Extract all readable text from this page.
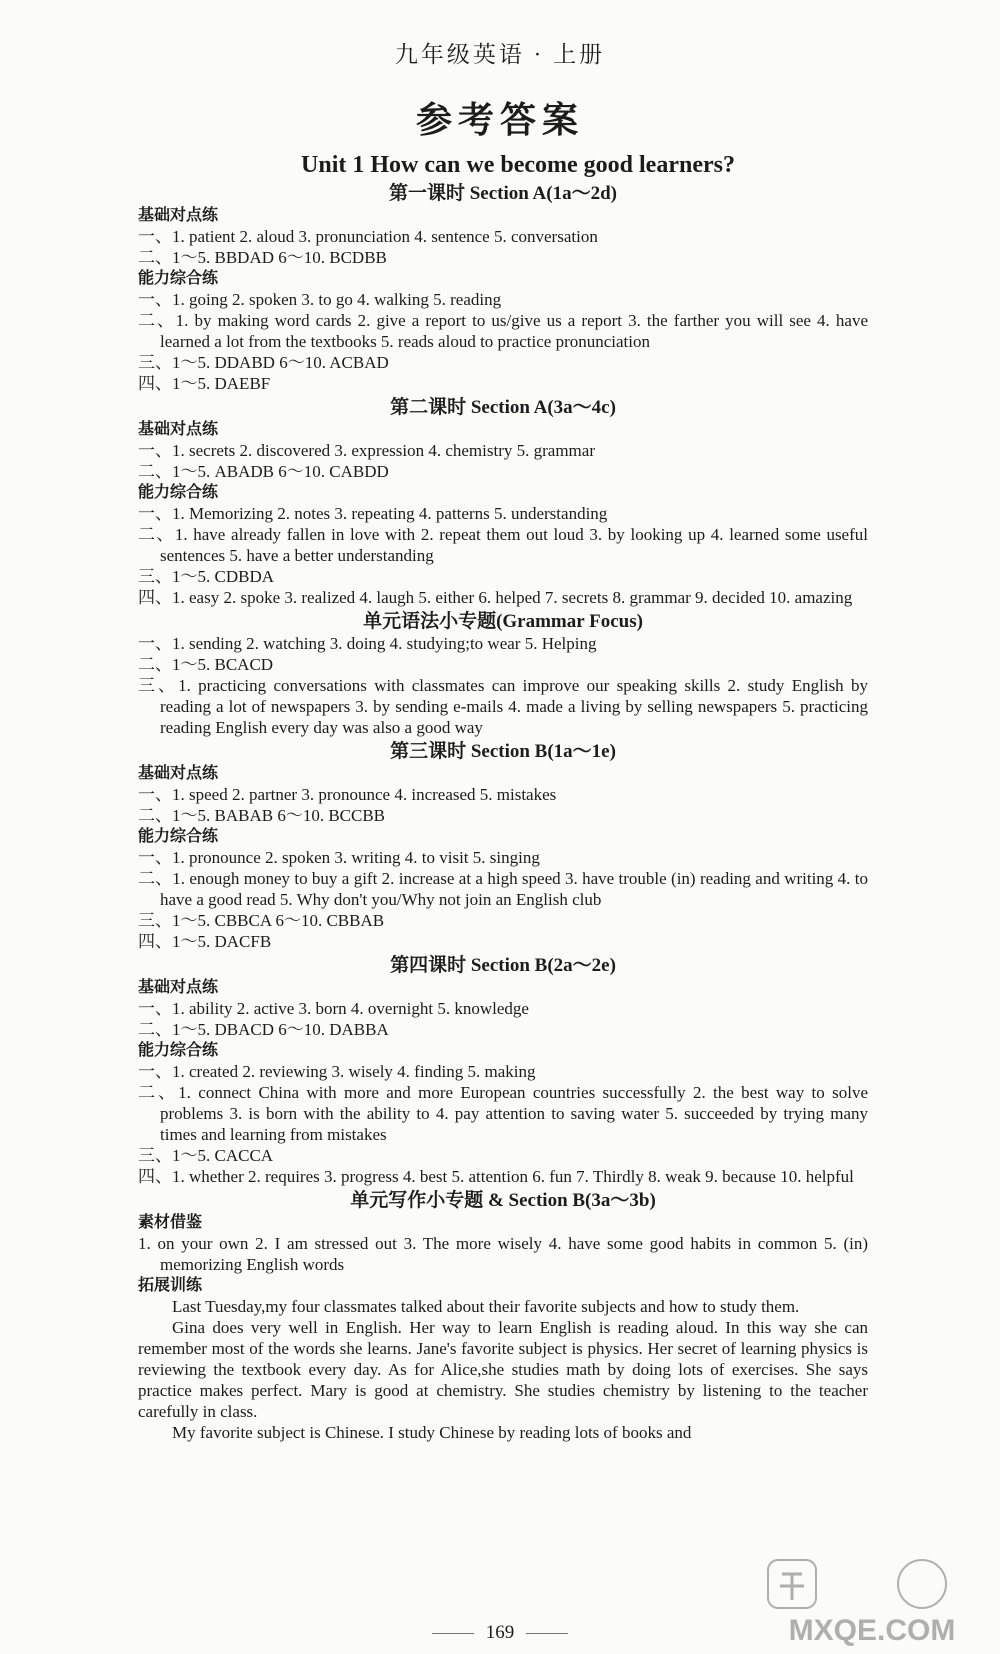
九年级英语 · 上册
参考答案
Unit 1 How can we become good learners?
第一课时 Section A(1a～2d)
基础对点练
一、1. patient 2. aloud 3. pronunciation 4. sentence 5. conversation
二、1～5. BBDAD 6～10. BCDBB
能力综合练
一、1. going 2. spoken 3. to go 4. walking 5. reading
二、1. by making word cards 2. give a report to us/give us a report 3. the farther you will see 4. have learned a lot from the textbooks 5. reads aloud to practice pronunciation
三、1～5. DDABD 6～10. ACBAD
四、1～5. DAEBF
第二课时 Section A(3a～4c)
基础对点练
一、1. secrets 2. discovered 3. expression 4. chemistry 5. grammar
二、1～5. ABADB 6～10. CABDD
能力综合练
一、1. Memorizing 2. notes 3. repeating 4. patterns 5. understanding
二、1. have already fallen in love with 2. repeat them out loud 3. by looking up 4. learned some useful sentences 5. have a better understanding
三、1～5. CDBDA
四、1. easy 2. spoke 3. realized 4. laugh 5. either 6. helped 7. secrets 8. grammar 9. decided 10. amazing
单元语法小专题(Grammar Focus)
一、1. sending 2. watching 3. doing 4. studying;to wear 5. Helping
二、1～5. BCACD
三、1. practicing conversations with classmates can improve our speaking skills 2. study English by reading a lot of newspapers 3. by sending e-mails 4. made a living by selling newspapers 5. practicing reading English every day was also a good way
第三课时 Section B(1a～1e)
基础对点练
一、1. speed 2. partner 3. pronounce 4. increased 5. mistakes
二、1～5. BABAB 6～10. BCCBB
能力综合练
一、1. pronounce 2. spoken 3. writing 4. to visit 5. singing
二、1. enough money to buy a gift 2. increase at a high speed 3. have trouble (in) reading and writing 4. to have a good read 5. Why don't you/Why not join an English club
三、1～5. CBBCA 6～10. CBBAB
四、1～5. DACFB
第四课时 Section B(2a～2e)
基础对点练
一、1. ability 2. active 3. born 4. overnight 5. knowledge
二、1～5. DBACD 6～10. DABBA
能力综合练
一、1. created 2. reviewing 3. wisely 4. finding 5. making
二、1. connect China with more and more European countries successfully 2. the best way to solve problems 3. is born with the ability to 4. pay attention to saving water 5. succeeded by trying many times and learning from mistakes
三、1～5. CACCA
四、1. whether 2. requires 3. progress 4. best 5. attention 6. fun 7. Thirdly 8. weak 9. because 10. helpful
单元写作小专题 & Section B(3a～3b)
素材借鉴
1. on your own 2. I am stressed out 3. The more wisely 4. have some good habits in common 5. (in) memorizing English words
拓展训练
Last Tuesday,my four classmates talked about their favorite subjects and how to study them.
Gina does very well in English. Her way to learn English is reading aloud. In this way she can remember most of the words she learns. Jane's favorite subject is physics. Her secret of learning physics is reviewing the textbook every day. As for Alice,she studies math by doing lots of exercises. She says practice makes perfect. Mary is good at chemistry. She studies chemistry by listening to the teacher carefully in class.
My favorite subject is Chinese. I study Chinese by reading lots of books and
169	MXQE.COM
